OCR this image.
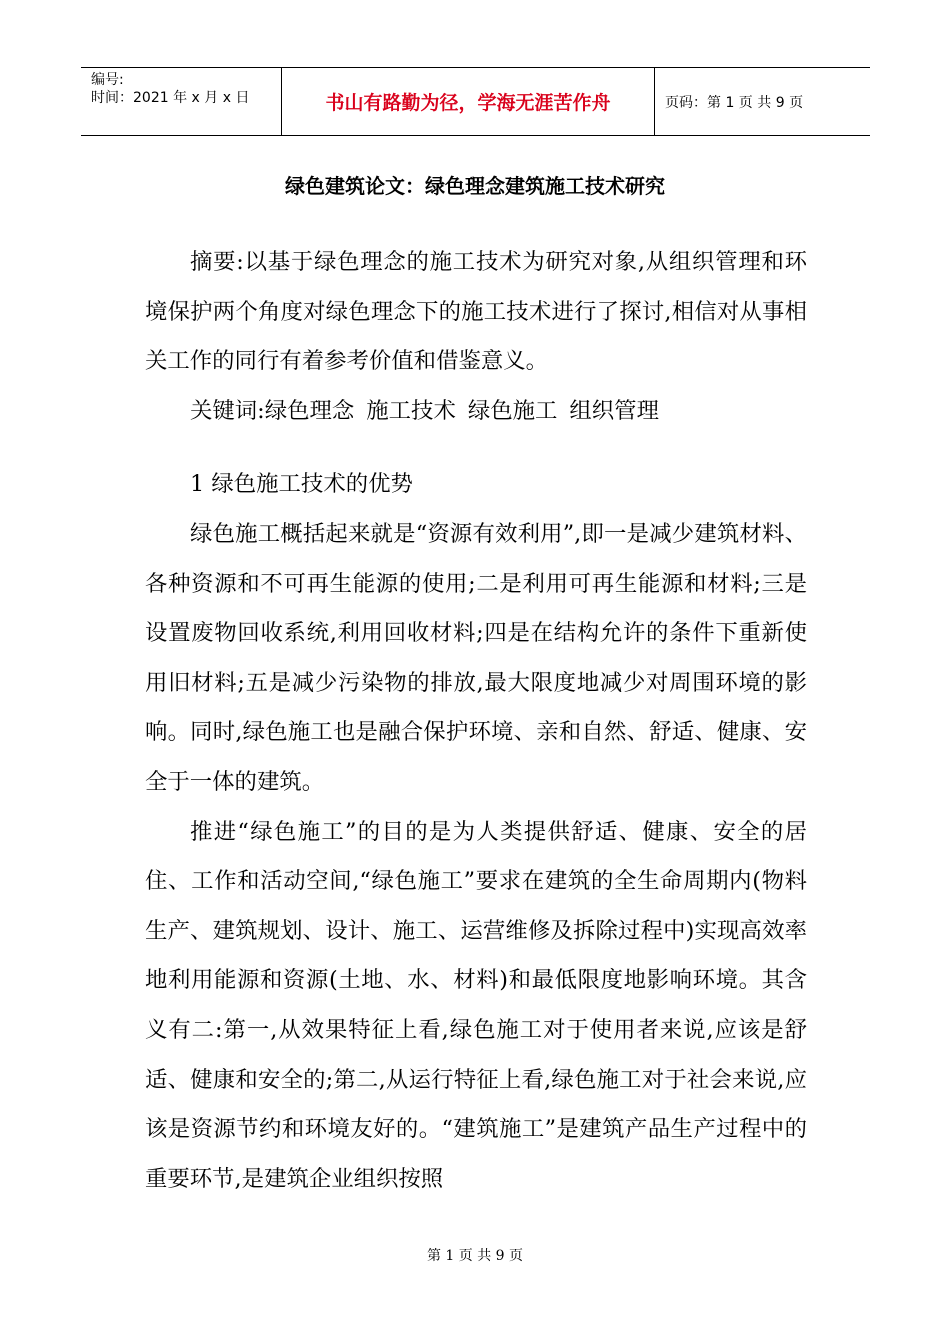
编号:
时间：2021 年 x 月 x 日	书山有路勤为径，学海无涯苦作舟	页码：第 1 页 共 9 页
绿色建筑论文：绿色理念建筑施工技术研究

摘要:以基于绿色理念的施工技术为研究对象,从组织管理和环境保护两个角度对绿色理念下的施工技术进行了探讨,相信对从事相关工作的同行有着参考价值和借鉴意义。

关键词:绿色理念 施工技术 绿色施工 组织管理

1 绿色施工技术的优势

绿色施工概括起来就是“资源有效利用”,即一是减少建筑材料、各种资源和不可再生能源的使用;二是利用可再生能源和材料;三是设置废物回收系统,利用回收材料;四是在结构允许的条件下重新使用旧材料;五是减少污染物的排放,最大限度地减少对周围环境的影响。同时,绿色施工也是融合保护环境、亲和自然、舒适、健康、安全于一体的建筑。

推进“绿色施工”的目的是为人类提供舒适、健康、安全的居住、工作和活动空间,“绿色施工”要求在建筑的全生命周期内(物料生产、建筑规划、设计、施工、运营维修及拆除过程中)实现高效率地利用能源和资源(土地、水、材料)和最低限度地影响环境。其含义有二:第一,从效果特征上看,绿色施工对于使用者来说,应该是舒适、健康和安全的;第二,从运行特征上看,绿色施工对于社会来说,应该是资源节约和环境友好的。“建筑施工”是建筑产品生产过程中的重要环节,是建筑企业组织按照

第 1 页 共 9 页
